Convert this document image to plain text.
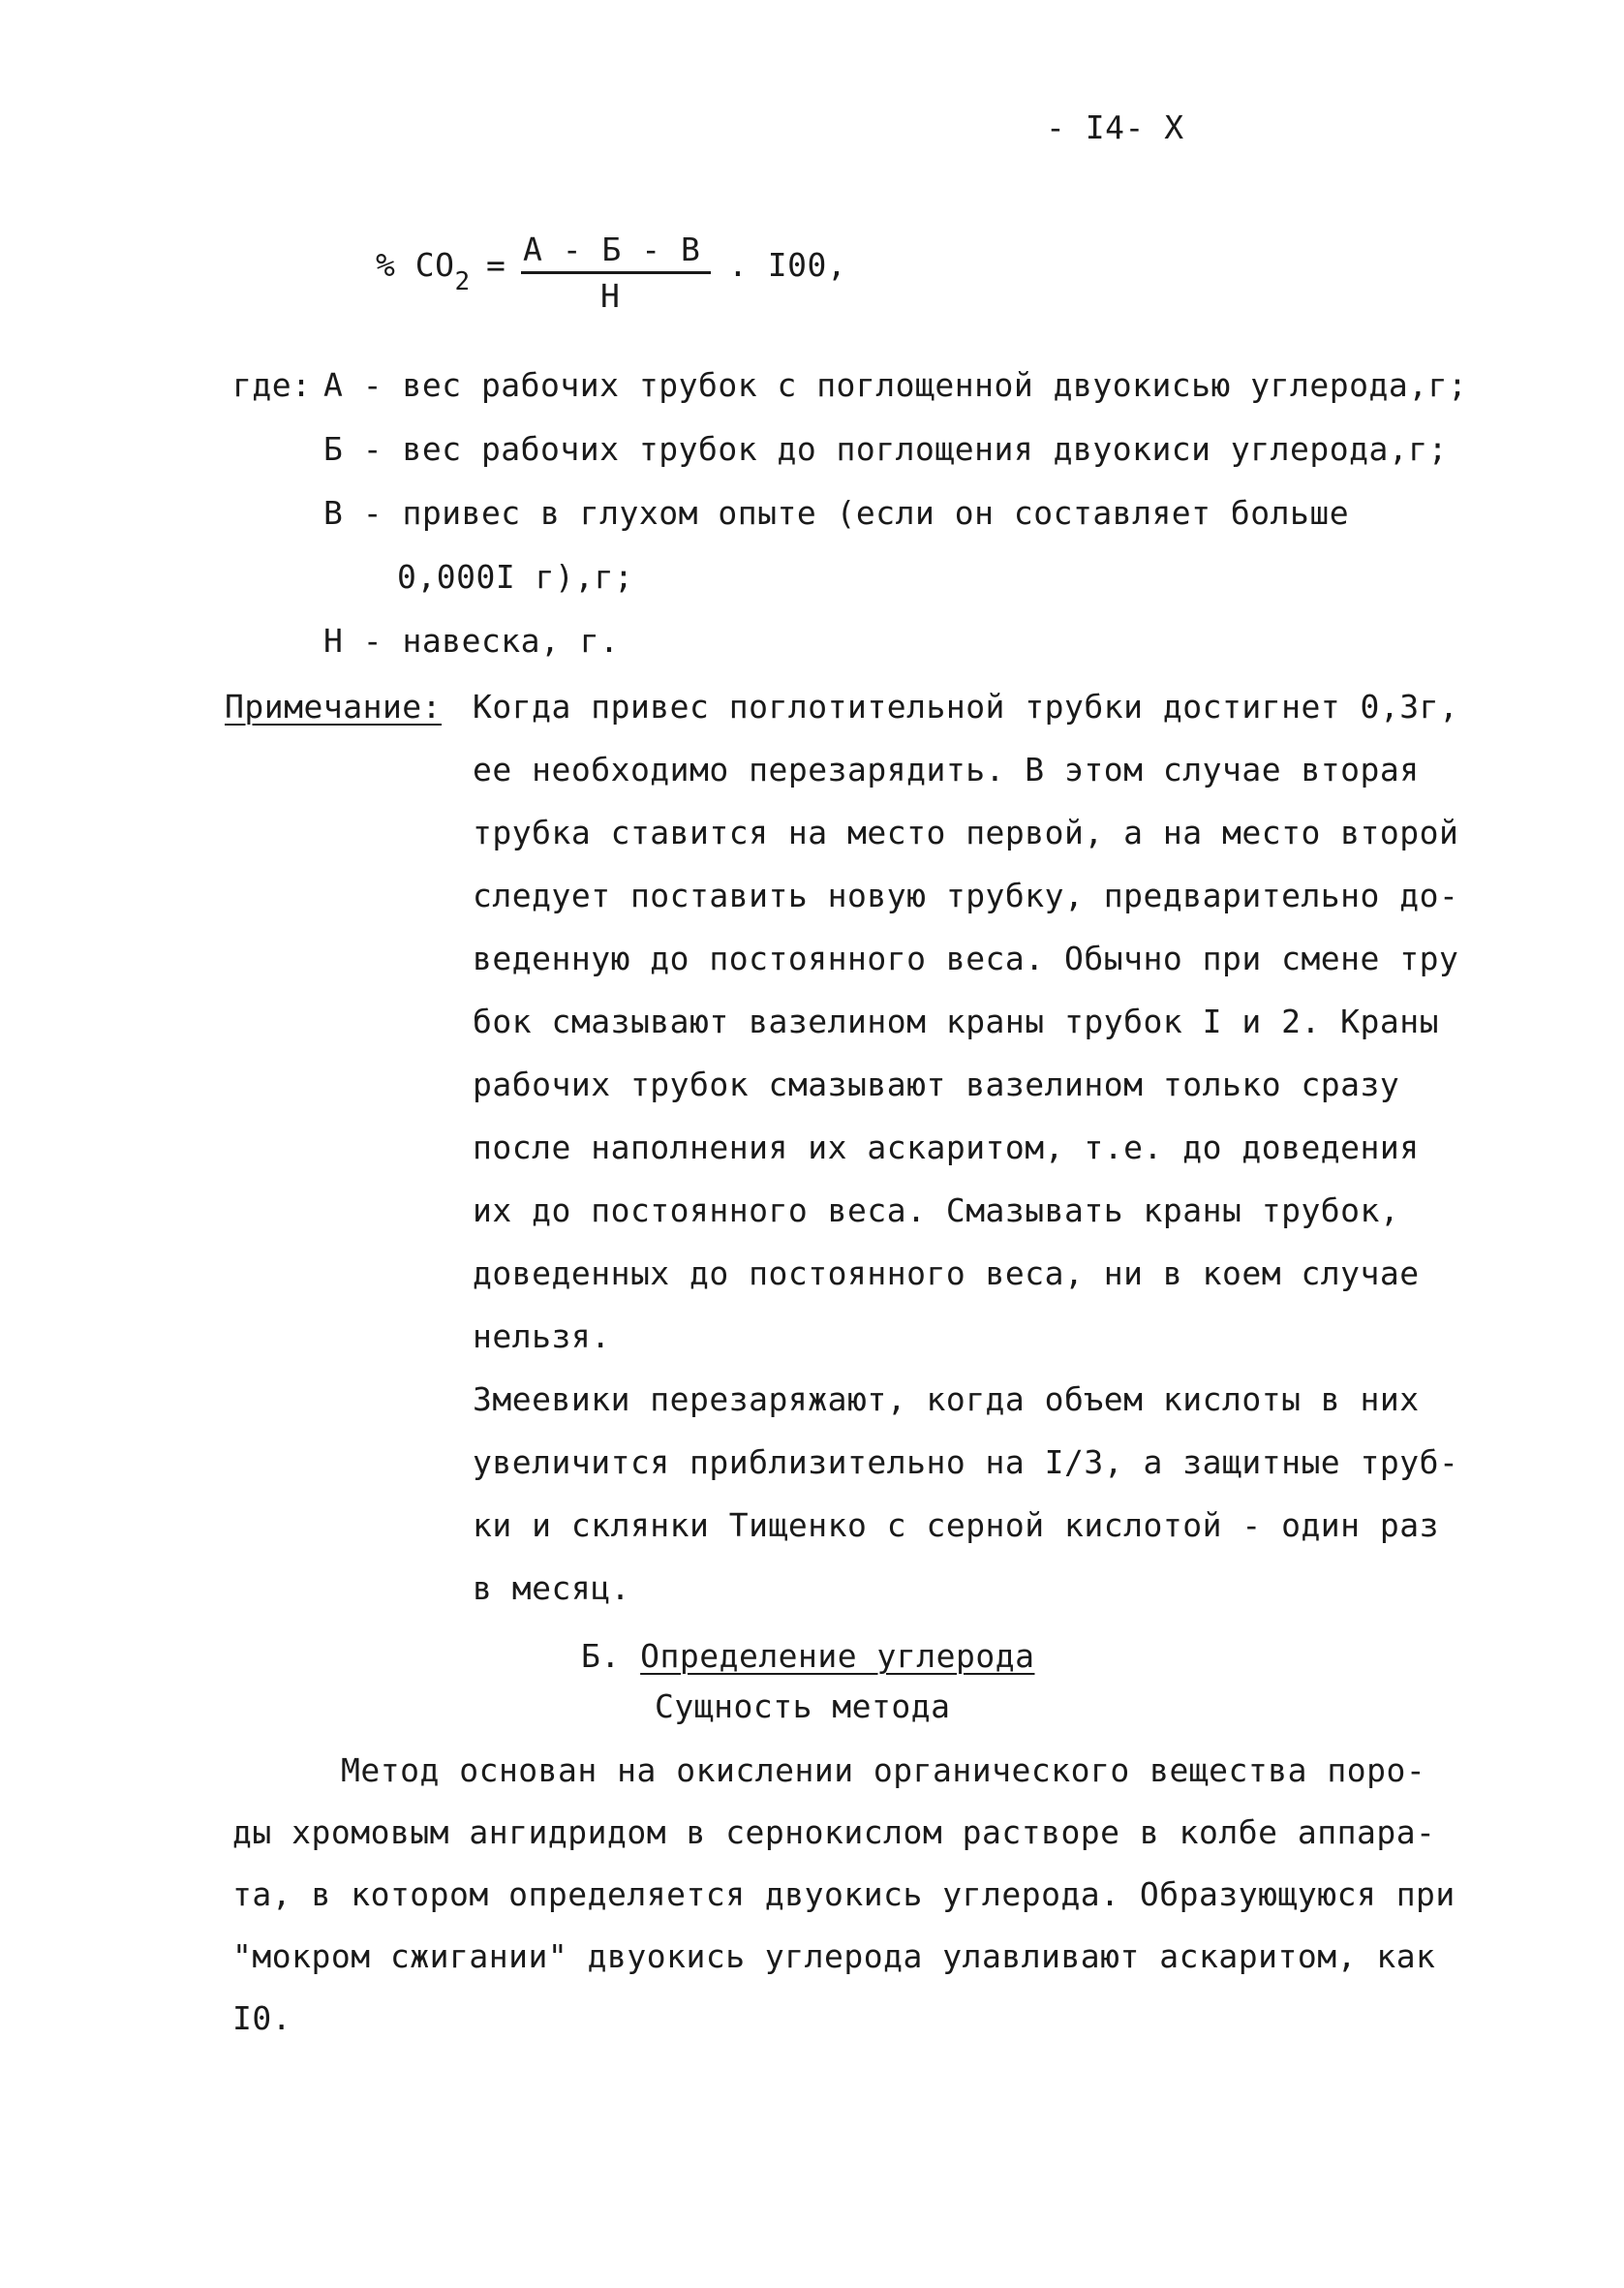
- I4- X
% $CO_2 = А - Б - В$
Н
. I00,
где:
А - вес рабочих трубок с поглощенной двуокисью углерода,г;
Б - вес рабочих трубок до поглощения двуокиси углерода,г;
В - привес в глухом опыте (если он составляет больше
0,000I г),г;
Н - навеска, г.
Примечание: Когда привес поглотительной трубки достигнет 0,3г,
ее необходимо перезарядить. В этом случае вторая
трубка ставится на место первой, а на место второй
следует поставить новую трубку, предварительно до-
веденную до постоянного веса. Обычно при смене тру
бок смазывают вазелином краны трубок I и 2. Краны
рабочих трубок смазывают вазелином только сразу
после наполнения их аскаритом, т.е. до доведения
их до постоянного веса. Смазывать краны трубок,
доведенных до постоянного веса, ни в коем случае
нельзя.
Змеевики перезаряжают, когда объем кислоты в них
увеличится приблизительно на I/3, а защитные труб-
ки и склянки Тищенко с серной кислотой - один раз
в месяц.
Б. Определение углерода
Сущность метода
Метод основан на окислении органического вещества поро-
ды хромовым ангидридом в сернокислом растворе в колбе аппара-
та, в котором определяется двуокись углерода. Образующуюся при
"мокром сжигании" двуокись углерода улавливают аскаритом, как
I0.
